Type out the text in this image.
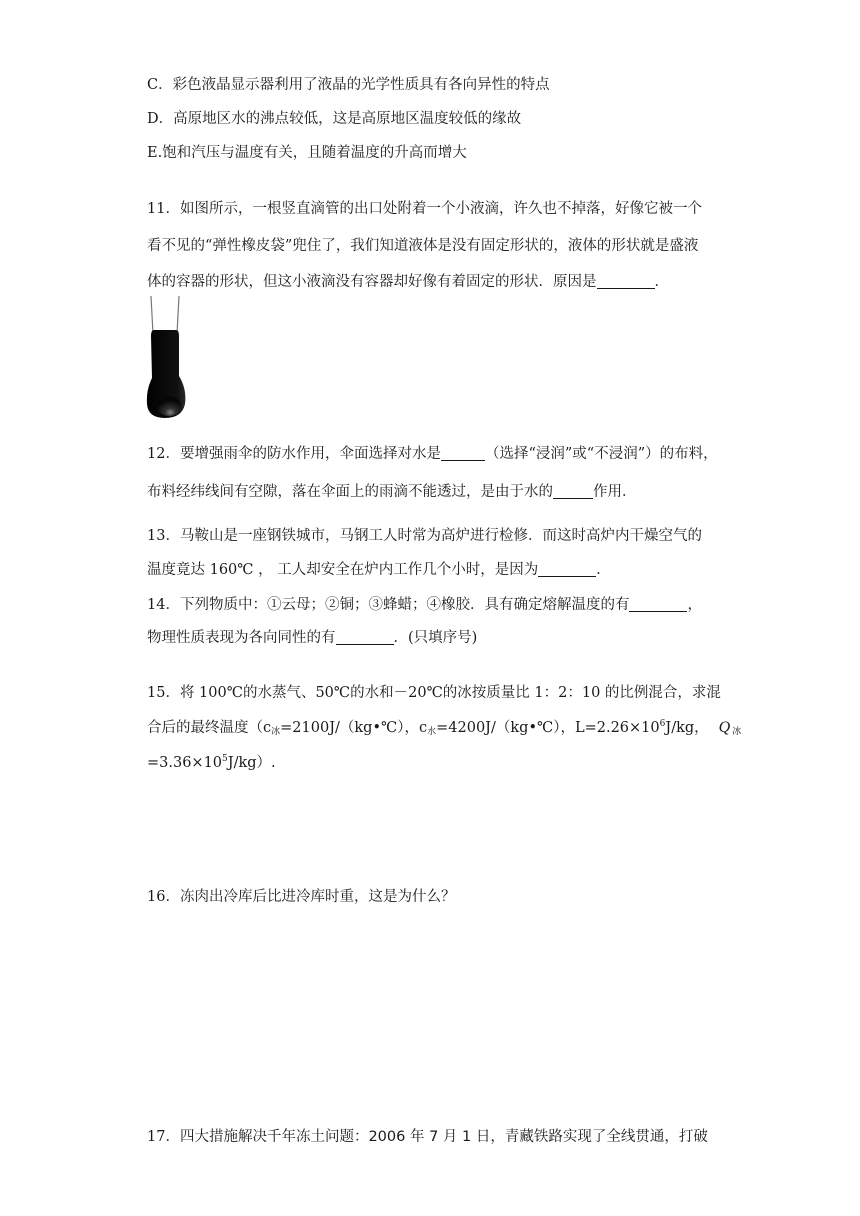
C．彩色液晶显示器利用了液晶的光学性质具有各向异性的特点
D．高原地区水的沸点较低，这是高原地区温度较低的缘故
E.饱和汽压与温度有关，且随着温度的升高而增大
11．如图所示，一根竖直滴管的出口处附着一个小液滴，许久也不掉落，好像它被一个
看不见的“弹性橡皮袋”兜住了，我们知道液体是没有固定形状的，液体的形状就是盛液
体的容器的形状，但这小液滴没有容器却好像有着固定的形状．原因是	．
12．要增强雨伞的防水作用，伞面选择对水是	（选择“浸润”或“不浸润”）的布料，
布料经纬线间有空隙，落在伞面上的雨滴不能透过，是由于水的	作用．
13．马鞍山是一座钢铁城市，马钢工人时常为高炉进行检修．而这时高炉内干燥空气的
温度竟达 160℃ ， 工人却安全在炉内工作几个小时，是因为	．
14．下列物质中：①云母；②铜；③蜂蜡；④橡胶．具有确定熔解温度的有	，
物理性质表现为各向同性的有	．(只填序号)
15．将 100℃的水蒸气、50℃的水和－20℃的冰按质量比 1：2：10 的比例混合，求混
合后的最终温度（$c_冰=2100J/(kg•℃)$，$c_水=4200J/(kg•℃)$，$L=2.26\times 10^6J/kg$， Q $_冰$
$=3.36\times 10^5J/kg$）.
16．冻肉出冷库后比进冷库时重，这是为什么？
17．四大措施解决千年冻土问题：2006 年 7 月 1 日，青藏铁路实现了全线贯通，打破
